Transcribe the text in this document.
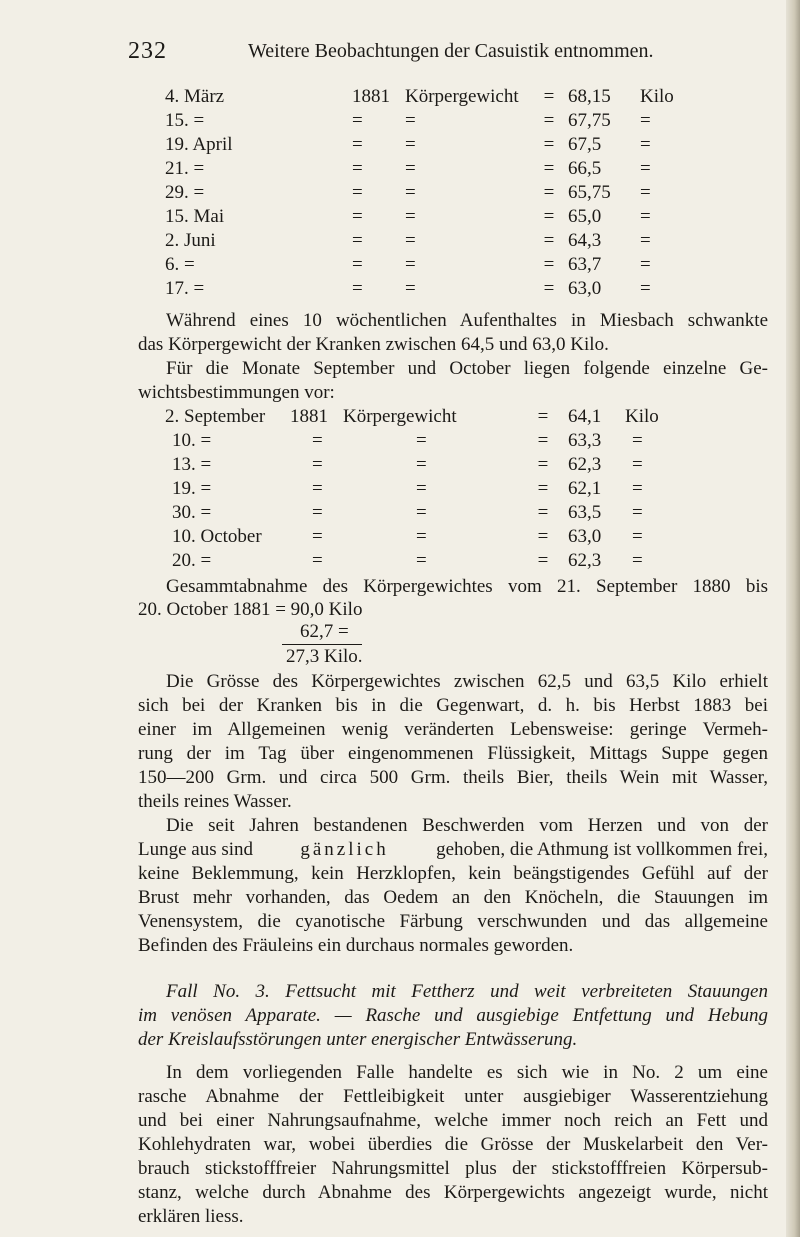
232	Weitere Beobachtungen der Casuistik entnommen.
4. März	1881 Körpergewicht	= 68,15 Kilo
15. =	= =	= 67,75 =
19. April	= =	= 67,5 =
21. =	= =	= 66,5 =
29. =	= =	= 65,75 =
15. Mai	= =	= 65,0 =
2. Juni	= =	= 64,3 =
6. =	= =	= 63,7 =
17. =	= =	= 63,0 =
Während eines 10 wöchentlichen Aufenthaltes in Miesbach schwankte
das Körpergewicht der Kranken zwischen 64,5 und 63,0 Kilo.
Für die Monate September und October liegen folgende einzelne Ge-
wichtsbestimmungen vor:
2. September 1881 Körpergewicht	=	64,1 Kilo
10. =	=	=	=	63,3 =
13. =	=	=	=	62,3 =
19. =	=	=	=	62,1 =
30. =	=	=	=	63,5 =
10. October	=	=	=	63,0 =
20. =	=	=	=	62,3 =
Gesammtabnahme des Körpergewichtes vom 21. September 1880 bis
20. October 1881 = 90,0 Kilo
62,7 =
27,3 Kilo.
Die Grösse des Körpergewichtes zwischen 62,5 und 63,5 Kilo erhielt
sich bei der Kranken bis in die Gegenwart, d. h. bis Herbst 1883 bei
einer im Allgemeinen wenig veränderten Lebensweise: geringe Vermeh-
rung der im Tag über eingenommenen Flüssigkeit, Mittags Suppe gegen
150—200 Grm. und circa 500 Grm. theils Bier, theils Wein mit Wasser,
theils reines Wasser.
Die seit Jahren bestandenen Beschwerden vom Herzen und von der
Lunge aus sind gänzlich gehoben, die Athmung ist vollkommen frei,
keine Beklemmung, kein Herzklopfen, kein beängstigendes Gefühl auf der
Brust mehr vorhanden, das Oedem an den Knöcheln, die Stauungen im
Venensystem, die cyanotische Färbung verschwunden und das allgemeine
Befinden des Fräuleins ein durchaus normales geworden.
Fall No. 3. Fettsucht mit Fettherz und weit verbreiteten Stauungen
im venösen Apparate. — Rasche und ausgiebige Entfettung und Hebung
der Kreislaufsstörungen unter energischer Entwässerung.
In dem vorliegenden Falle handelte es sich wie in No. 2 um eine
rasche Abnahme der Fettleibigkeit unter ausgiebiger Wasserentziehung
und bei einer Nahrungsaufnahme, welche immer noch reich an Fett und
Kohlehydraten war, wobei überdies die Grösse der Muskelarbeit den Ver-
brauch stickstofffreier Nahrungsmittel plus der stickstofffreien Körpersub-
stanz, welche durch Abnahme des Körpergewichts angezeigt wurde, nicht
erklären liess.
